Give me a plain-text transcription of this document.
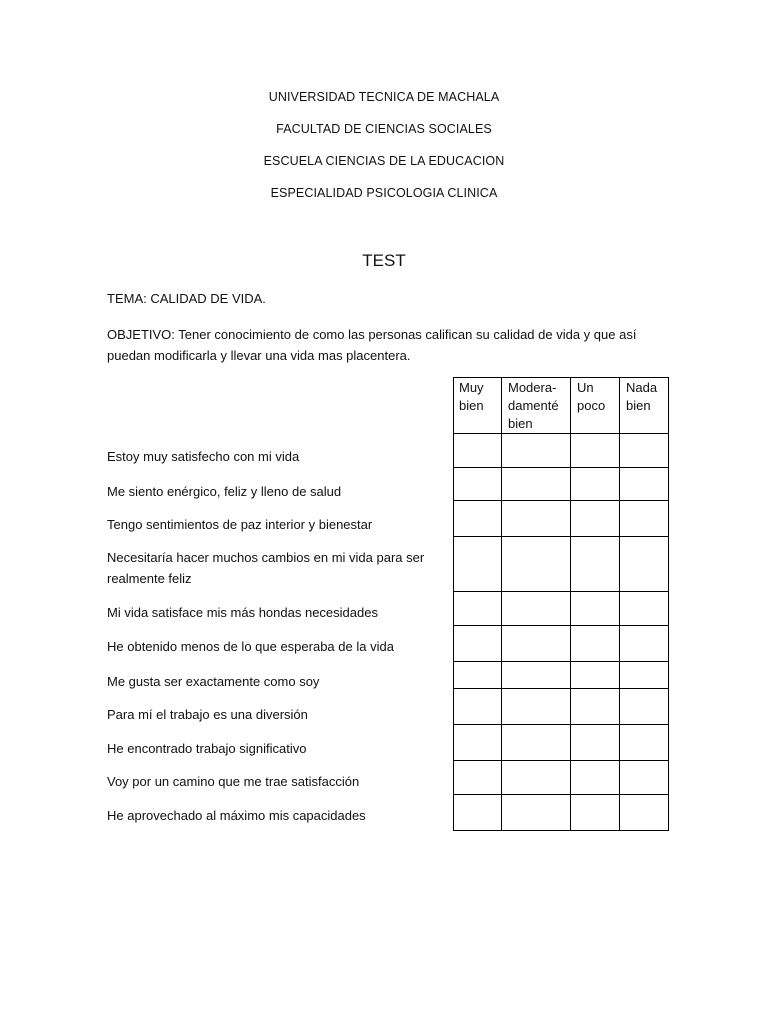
UNIVERSIDAD TECNICA DE MACHALA
FACULTAD DE CIENCIAS SOCIALES
ESCUELA CIENCIAS DE LA EDUCACION
ESPECIALIDAD PSICOLOGIA CLINICA
TEST
TEMA: CALIDAD DE VIDA.
OBJETIVO: Tener conocimiento de como las personas califican su calidad de vida y que así puedan modificarla y llevar una vida mas placentera.
Estoy muy satisfecho con mi vida
Me siento enérgico, feliz y lleno de salud
Tengo sentimientos de paz interior y bienestar
Necesitaría hacer muchos cambios en mi vida para ser realmente feliz
Mi vida satisface mis más hondas necesidades
He obtenido menos de lo que esperaba de la vida
Me gusta ser exactamente como soy
Para mí el trabajo es una diversión
He encontrado trabajo significativo
Voy por un camino que me trae satisfacción
He aprovechado al máximo mis capacidades
Muy
bien
Modera-
damenté
bien
Un
poco
Nada
bien
